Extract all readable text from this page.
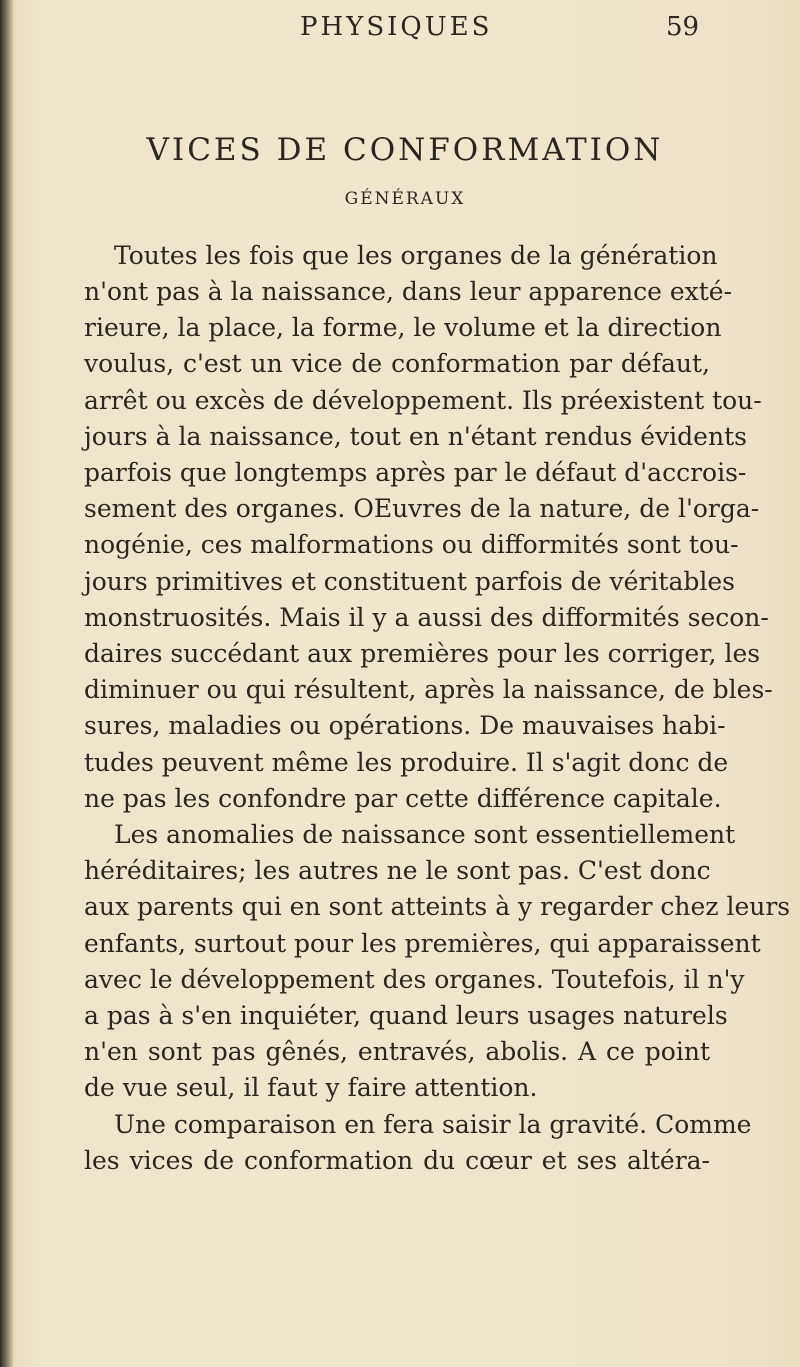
PHYSIQUES	59
VICES DE CONFORMATION
GÉNÉRAUX
Toutes les fois que les organes de la génération
n'ont pas à la naissance, dans leur apparence exté-
rieure, la place, la forme, le volume et la direction
voulus, c'est un vice de conformation par défaut,
arrêt ou excès de développement. Ils préexistent tou-
jours à la naissance, tout en n'étant rendus évidents
parfois que longtemps après par le défaut d'accrois-
sement des organes. OEuvres de la nature, de l'orga-
nogénie, ces malformations ou difformités sont tou-
jours primitives et constituent parfois de véritables
monstruosités. Mais il y a aussi des difformités secon-
daires succédant aux premières pour les corriger, les
diminuer ou qui résultent, après la naissance, de bles-
sures, maladies ou opérations. De mauvaises habi-
tudes peuvent même les produire. Il s'agit donc de
ne pas les confondre par cette différence capitale.
Les anomalies de naissance sont essentiellement
héréditaires; les autres ne le sont pas. C'est donc
aux parents qui en sont atteints à y regarder chez leurs
enfants, surtout pour les premières, qui apparaissent
avec le développement des organes. Toutefois, il n'y
a pas à s'en inquiéter, quand leurs usages naturels
n'en sont pas gênés, entravés, abolis. A ce point
de vue seul, il faut y faire attention.
Une comparaison en fera saisir la gravité. Comme
les vices de conformation du cœur et ses altéra-
